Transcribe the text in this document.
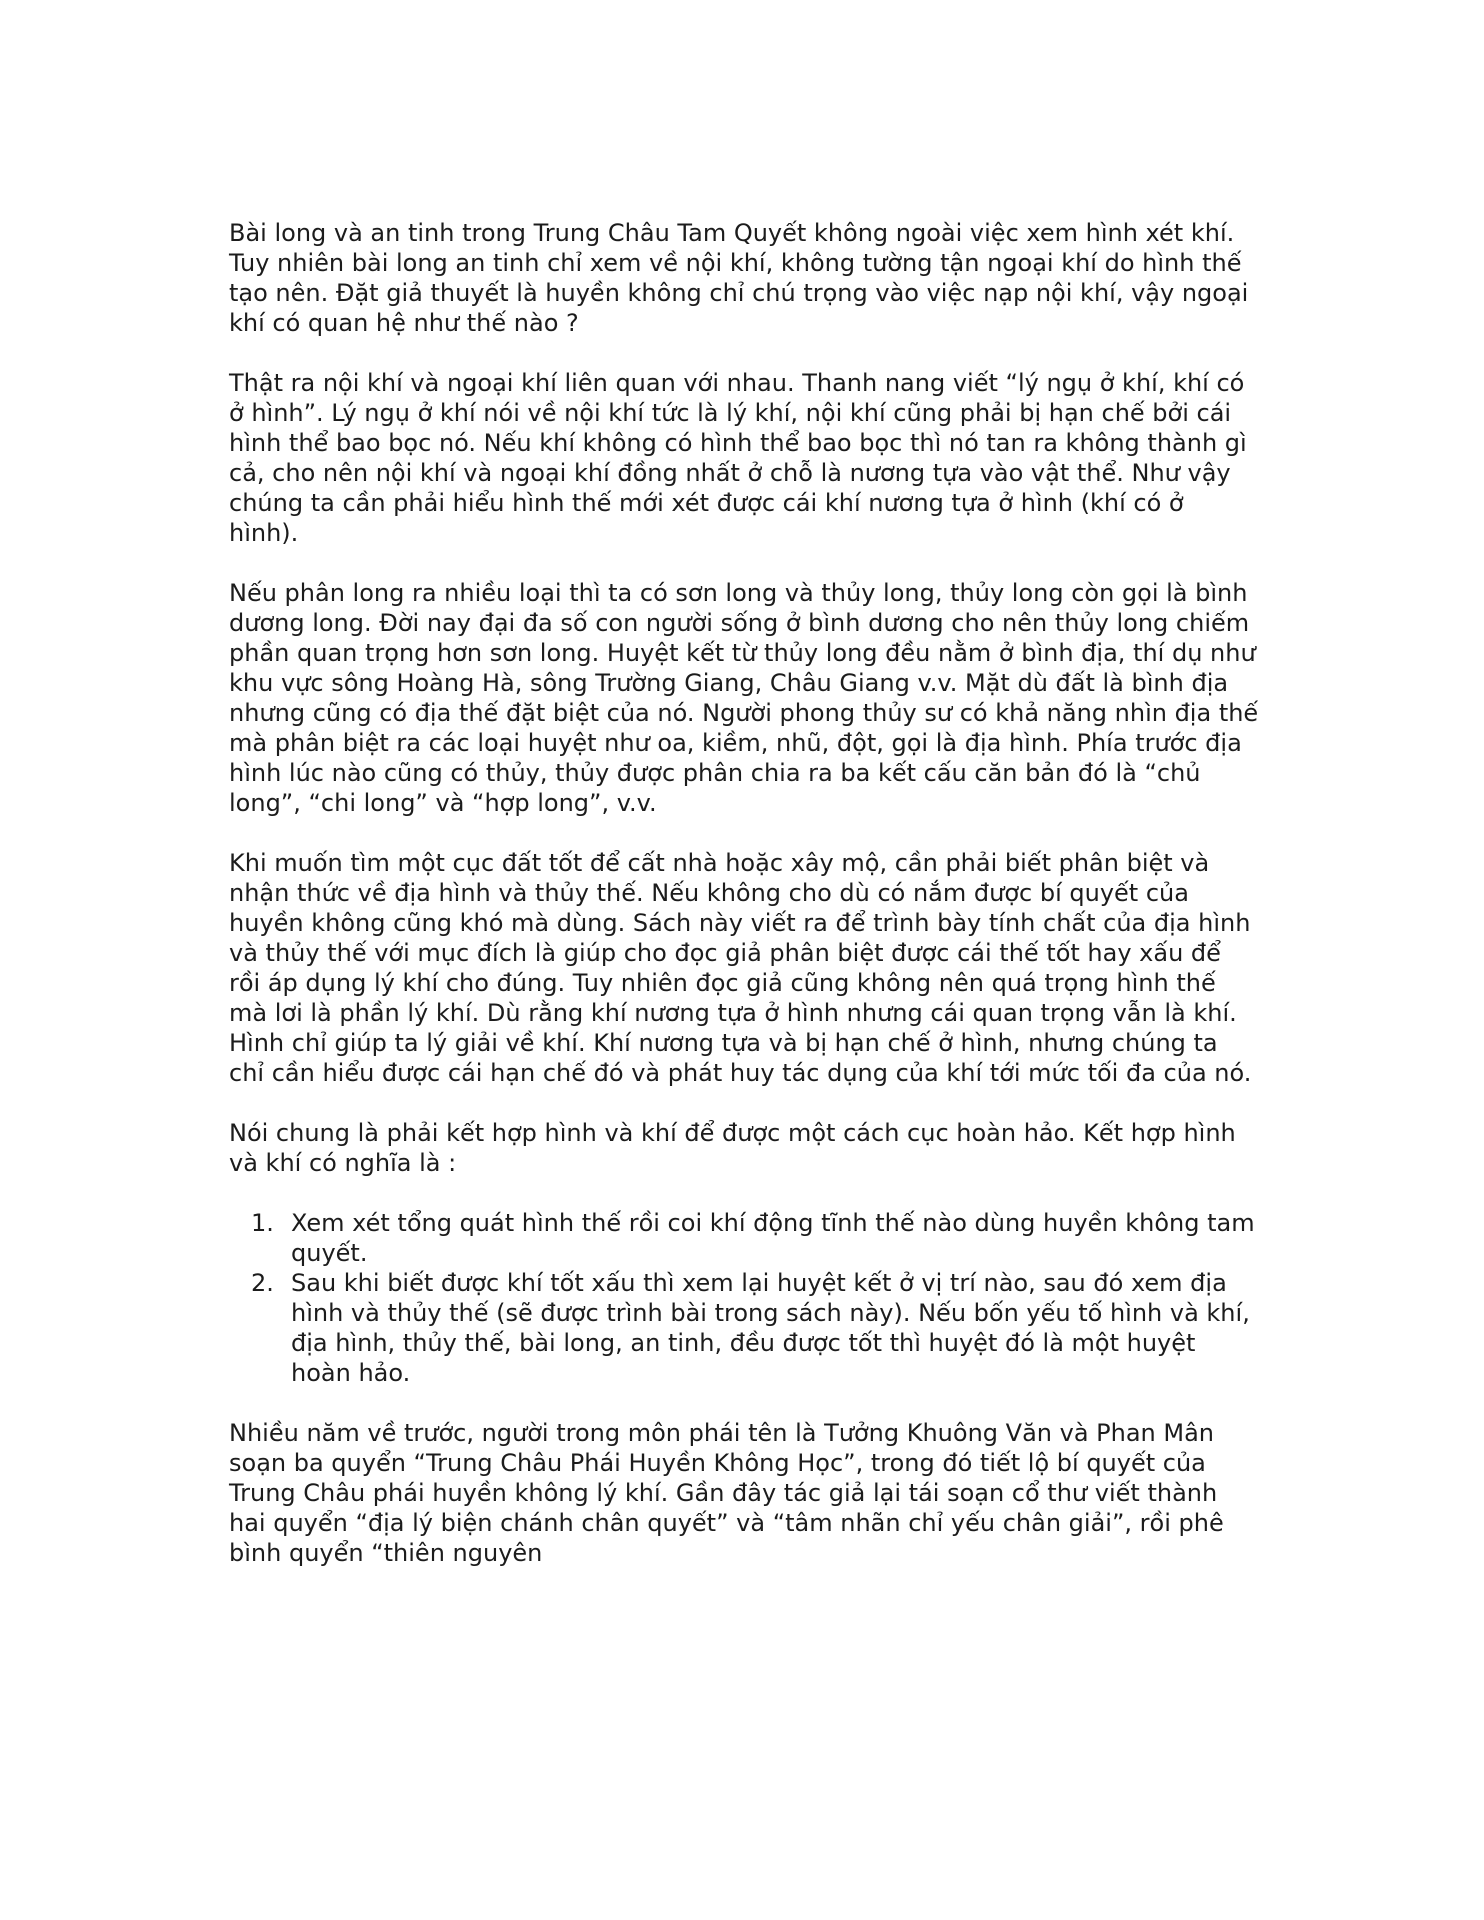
Bài long và an tinh trong Trung Châu Tam Quyết không ngoài việc xem hình xét khí. Tuy nhiên bài long an tinh chỉ xem về nội khí, không tường tận ngoại khí do hình thế tạo nên. Đặt giả thuyết là huyền không chỉ chú trọng vào việc nạp nội khí, vậy ngoại khí có quan hệ như thế nào ?

Thật ra nội khí và ngoại khí liên quan với nhau. Thanh nang viết “lý ngụ ở khí, khí có ở hình”. Lý ngụ ở khí nói về nội khí tức là lý khí, nội khí cũng phải bị hạn chế bởi cái hình thể bao bọc nó. Nếu khí không có hình thể bao bọc thì nó tan ra không thành gì cả, cho nên nội khí và ngoại khí đồng nhất ở chỗ là nương tựa vào vật thể. Như vậy chúng ta cần phải hiểu hình thế mới xét được cái khí nương tựa ở hình (khí có ở hình).

Nếu phân long ra nhiều loại thì ta có sơn long và thủy long, thủy long còn gọi là bình dương long. Đời nay đại đa số con người sống ở bình dương cho nên thủy long chiếm phần quan trọng hơn sơn long. Huyệt kết từ thủy long đều nằm ở bình địa, thí dụ như khu vực sông Hoàng Hà, sông Trường Giang, Châu Giang v.v. Mặt dù đất là bình địa nhưng cũng có địa thế đặt biệt của nó. Người phong thủy sư có khả năng nhìn địa thế mà phân biệt ra các loại huyệt như oa, kiềm, nhũ, đột, gọi là địa hình. Phía trước địa hình lúc nào cũng có thủy, thủy được phân chia ra ba kết cấu căn bản đó là “chủ long”, “chi long” và “hợp long”, v.v.

Khi muốn tìm một cục đất tốt để cất nhà hoặc xây mộ, cần phải biết phân biệt và nhận thức về địa hình và thủy thế. Nếu không cho dù có nắm được bí quyết của huyền không cũng khó mà dùng. Sách này viết ra để trình bày tính chất của địa hình và thủy thế với mục đích là giúp cho đọc giả phân biệt được cái thế tốt hay xấu để rồi áp dụng lý khí cho đúng. Tuy nhiên đọc giả cũng không nên quá trọng hình thế mà lơi là phần lý khí. Dù rằng khí nương tựa ở hình nhưng cái quan trọng vẫn là khí. Hình chỉ giúp ta lý giải về khí. Khí nương tựa và bị hạn chế ở hình, nhưng chúng ta chỉ cần hiểu được cái hạn chế đó và phát huy tác dụng của khí tới mức tối đa của nó.

Nói chung là phải kết hợp hình và khí để được một cách cục hoàn hảo. Kết hợp hình và khí có nghĩa là :

1. Xem xét tổng quát hình thế rồi coi khí động tĩnh thế nào dùng huyền không tam quyết.
2. Sau khi biết được khí tốt xấu thì xem lại huyệt kết ở vị trí nào, sau đó xem địa hình và thủy thế (sẽ được trình bài trong sách này). Nếu bốn yếu tố hình và khí, địa hình, thủy thế, bài long, an tinh, đều được tốt thì huyệt đó là một huyệt hoàn hảo.

Nhiều năm về trước, người trong môn phái tên là Tưởng Khuông Văn và Phan Mân soạn ba quyển “Trung Châu Phái Huyền Không Học”, trong đó tiết lộ bí quyết của Trung Châu phái huyền không lý khí. Gần đây tác giả lại tái soạn cổ thư viết thành hai quyển “địa lý biện chánh chân quyết” và “tâm nhãn chỉ yếu chân giải”, rồi phê bình quyển “thiên nguyên
